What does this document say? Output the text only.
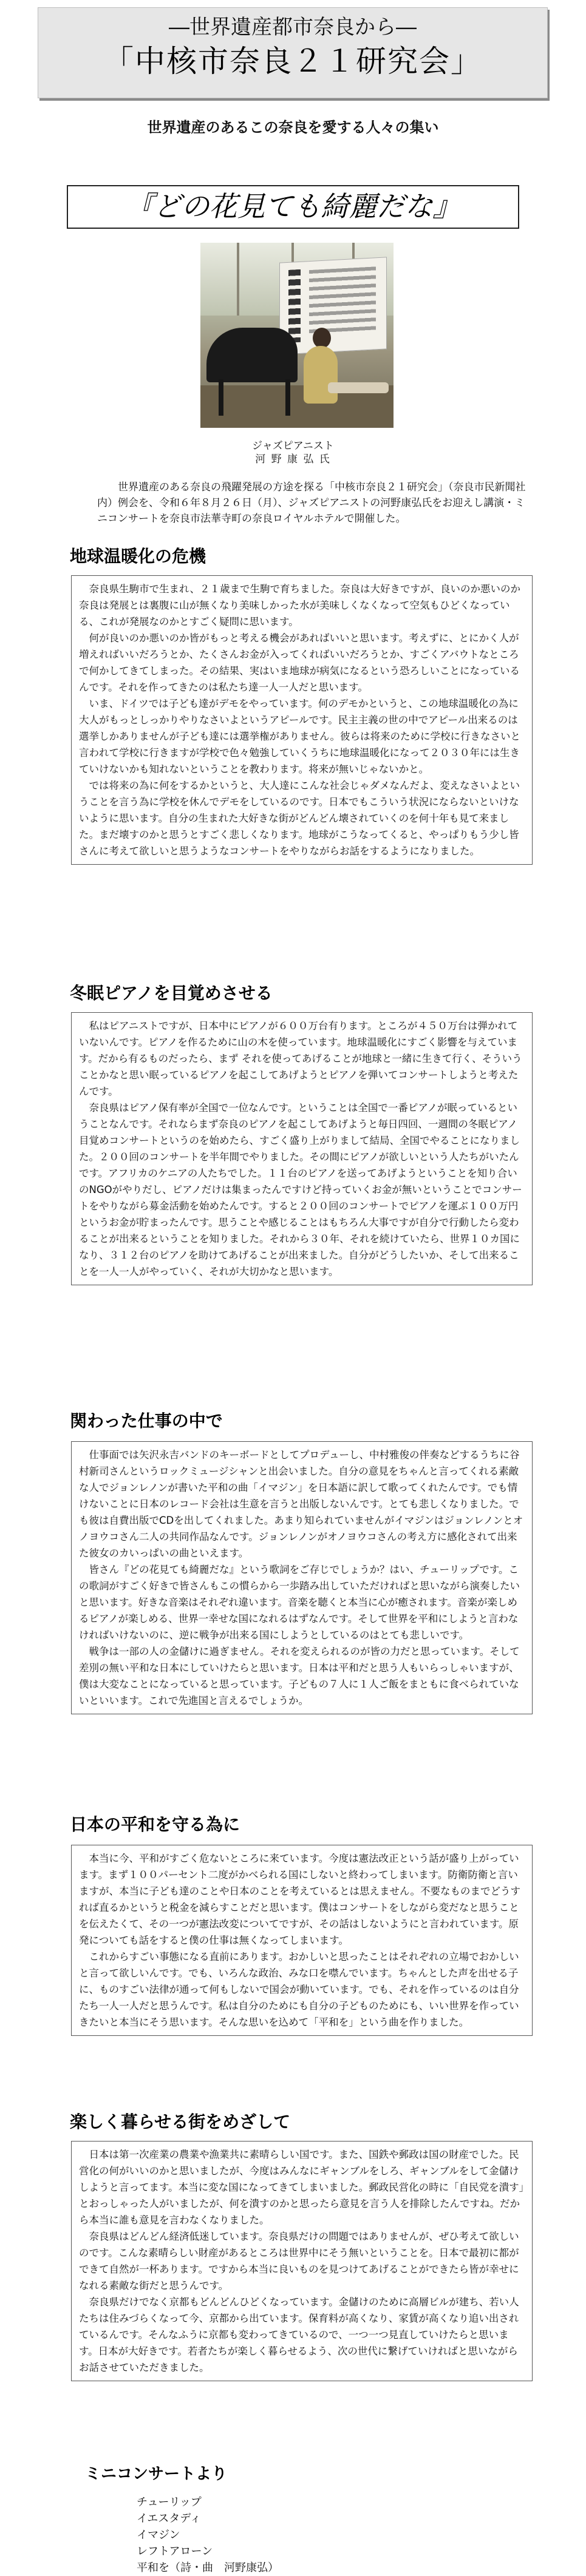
―世界遺産都市奈良から―
「中核市奈良２１研究会」
世界遺産のあるこの奈良を愛する人々の集い
『どの花見ても綺麗だな』
ジャズピアニスト
河 野 康 弘 氏

世界遺産のある奈良の飛躍発展の方途を探る「中核市奈良２１研究会」（奈良市民新聞社内）例会を、令和６年８月２６日（月）、ジャズピアニストの河野康弘氏をお迎えし講演・ミニコンサートを奈良市法華寺町の奈良ロイヤルホテルで開催した。

地球温暖化の危機

奈良県生駒市で生まれ、２１歳まで生駒で育ちました。奈良は大好きですが、良いのか悪いのか奈良は発展とは裏腹に山が無くなり美味しかった水が美味しくなくなって空気もひどくなっている、これが発展なのかとすごく疑問に思います。

何が良いのか悪いのか皆がもっと考える機会があればいいと思います。考えずに、とにかく人が増えればいいだろうとか、たくさんお金が入ってくればいいだろうとか、すごくアバウトなところで何かしてきてしまった。その結果、実はいま地球が病気になるという恐ろしいことになっているんです。それを作ってきたのは私たち達一人一人だと思います。

いま、ドイツでは子ども達がデモをやっています。何のデモかというと、この地球温暖化の為に大人がもっとしっかりやりなさいよというアピールです。民主主義の世の中でアピール出来るのは選挙しかありませんが子ども達には選挙権がありません。彼らは将来のために学校に行きなさいと言われて学校に行きますが学校で色々勉強していくうちに地球温暖化になって２０３０年には生きていけないかも知れないということを教わります。将来が無いじゃないかと。

では将来の為に何をするかというと、大人達にこんな社会じゃダメなんだよ、変えなさいよということを言う為に学校を休んでデモをしているのです。日本でもこういう状況にならないといけないように思います。自分の生まれた大好きな街がどんどん壊されていくのを何十年も見て来ました。まだ壊すのかと思うとすごく悲しくなります。地球がこうなってくると、やっぱりもう少し皆さんに考えて欲しいと思うようなコンサートをやりながらお話をするようになりました。

冬眠ピアノを目覚めさせる

私はピアニストですが、日本中にピアノが６００万台有ります。ところが４５０万台は弾かれていないんです。ピアノを作るために山の木を使っています。地球温暖化にすごく影響を与えています。だから有るものだったら、まず それを使ってあげることが地球と一緒に生きて行く、そういうことかなと思い眠っているピアノを起こしてあげようとピアノを弾いてコンサートしようと考えたんです。

奈良県はピアノ保有率が全国で一位なんです。ということは全国で一番ピアノが眠っているということなんです。それならまず奈良のピアノを起こしてあげようと毎日四回、一週間の冬眠ピアノ目覚めコンサートというのを始めたら、すごく盛り上がりまして結局、全国でやることになりました。２００回のコンサートを半年間でやりました。その間にピアノが欲しいという人たちがいたんです。アフリカのケニアの人たちでした。１１台のピアノを送ってあげようということを知り合いのNGOがやりだし、ピアノだけは集まったんですけど持っていくお金が無いということでコンサートをやりながら募金活動を始めたんです。すると２００回のコンサートでピアノを運ぶ１００万円というお金が貯まったんです。思うことや感じることはもちろん大事ですが自分で行動したら変わることが出来るということを知りました。それから３０年、それを続けていたら、世界１０カ国になり、３１２台のピアノを助けてあげることが出来ました。自分がどうしたいか、そして出来ることを一人一人がやっていく、それが大切かなと思います。

関わった仕事の中で

仕事面では矢沢永吉バンドのキーボードとしてプロデューし、中村雅俊の伴奏などするうちに谷村新司さんというロックミュージシャンと出会いました。自分の意見をちゃんと言ってくれる素敵な人でジョンレノンが書いた平和の曲「イマジン」を日本語に訳して歌ってくれたんです。でも情けないことに日本のレコード会社は生意を言うと出版しないんです。とても悲しくなりました。でも彼は自費出版でCDを出してくれました。あまり知られていませんがイマジンはジョンレノンとオノヨウコさん二人の共同作品なんです。ジョンレノンがオノヨウコさんの考え方に感化されて出来た彼女のカいっぱいの曲といえます。

皆さん『どの花見ても綺麗だな』という歌詞をご存じでしょうか？はい、チューリップです。この歌詞がすごく好きで皆さんもこの慣らから一歩踏み出していただければと思いながら演奏したいと思います。好きな音楽はそれぞれ違います。音楽を聴くと本当に心が癒されます。音楽が楽しめるピアノが楽しめる、世界一幸せな国になれるはずなんです。そして世界を平和にしようと言わなければいけないのに、逆に戦争が出来る国にしようとしているのはとても悲しいです。

戦争は一部の人の金儲けに過ぎません。それを変えられるのが皆の力だと思っています。そして差別の無い平和な日本にしていけたらと思います。日本は平和だと思う人もいらっしゃいますが、僕は大変なことになっていると思っています。子どもの７人に１人ご飯をまともに食べられていないといいます。これで先進国と言えるでしょうか。

日本の平和を守る為に

本当に今、平和がすごく危ないところに来ています。今度は憲法改正という話が盛り上がっています。まず１００パーセント二度がかべられる国にしないと終わってしまいます。防衛防衛と言いますが、本当に子ども達のことや日本のことを考えているとは思えません。不要なものまでどうすれば直るかというと税金を減らすことだと思います。僕はコンサートをしながら変だなと思うことを伝えたくて、その一つが憲法改変についてですが、その話はしないようにと言われています。原発についても話をすると僕の仕事は無くなってしまいます。

これからすごい事態になる直前にあります。おかしいと思ったことはそれぞれの立場でおかしいと言って欲しいんです。でも、いろんな政治、みな口を噤んでいます。ちゃんとした声を出せる子に、ものすごい法律が通って何もしないで国会が動いています。でも、それを作っているのは自分たち一人一人だと思うんです。私は自分のためにも自分の子どものためにも、いい世界を作っていきたいと本当にそう思います。そんな思いを込めて「平和を」という曲を作りました。

楽しく暮らせる街をめざして

日本は第一次産業の農業や漁業共に素晴らしい国です。また、国鉄や郵政は国の財産でした。民営化の何がいいのかと思いましたが、今度はみんなにギャンブルをしろ、ギャンブルをして金儲けしようと言ってます。本当に変な国になってきてしまいました。郵政民営化の時に「自民党を潰す」とおっしゃった人がいましたが、何を潰すのかと思ったら意見を言う人を排除したんですね。だから本当に誰も意見を言わなくなりました。

奈良県はどんどん経済低迷しています。奈良県だけの問題ではありませんが、ぜひ考えて欲しいのです。こんな素晴らしい財産があるところは世界中にそう無いということを。日本で最初に都ができて自然が一杯あります。ですから本当に良いものを見つけてあげることができたら皆が幸せになれる素敵な街だと思うんです。

奈良県だけでなく京都もどんどんひどくなっています。金儲けのために高層ビルが建ち、若い人たちは住みづらくなって今、京都から出ています。保育料が高くなり、家賃が高くなり追い出されているんです。そんなふうに京都も変わってきているので、一つ一つ見直していけたらと思います。日本が大好きです。若者たちが楽しく暮らせるよう、次の世代に繋げていければと思いながらお話させていただきました。

ミニコンサートより
チューリップ
イエスタディ
イマジン
レフトアローン
平和を（詩・曲　河野康弘）
